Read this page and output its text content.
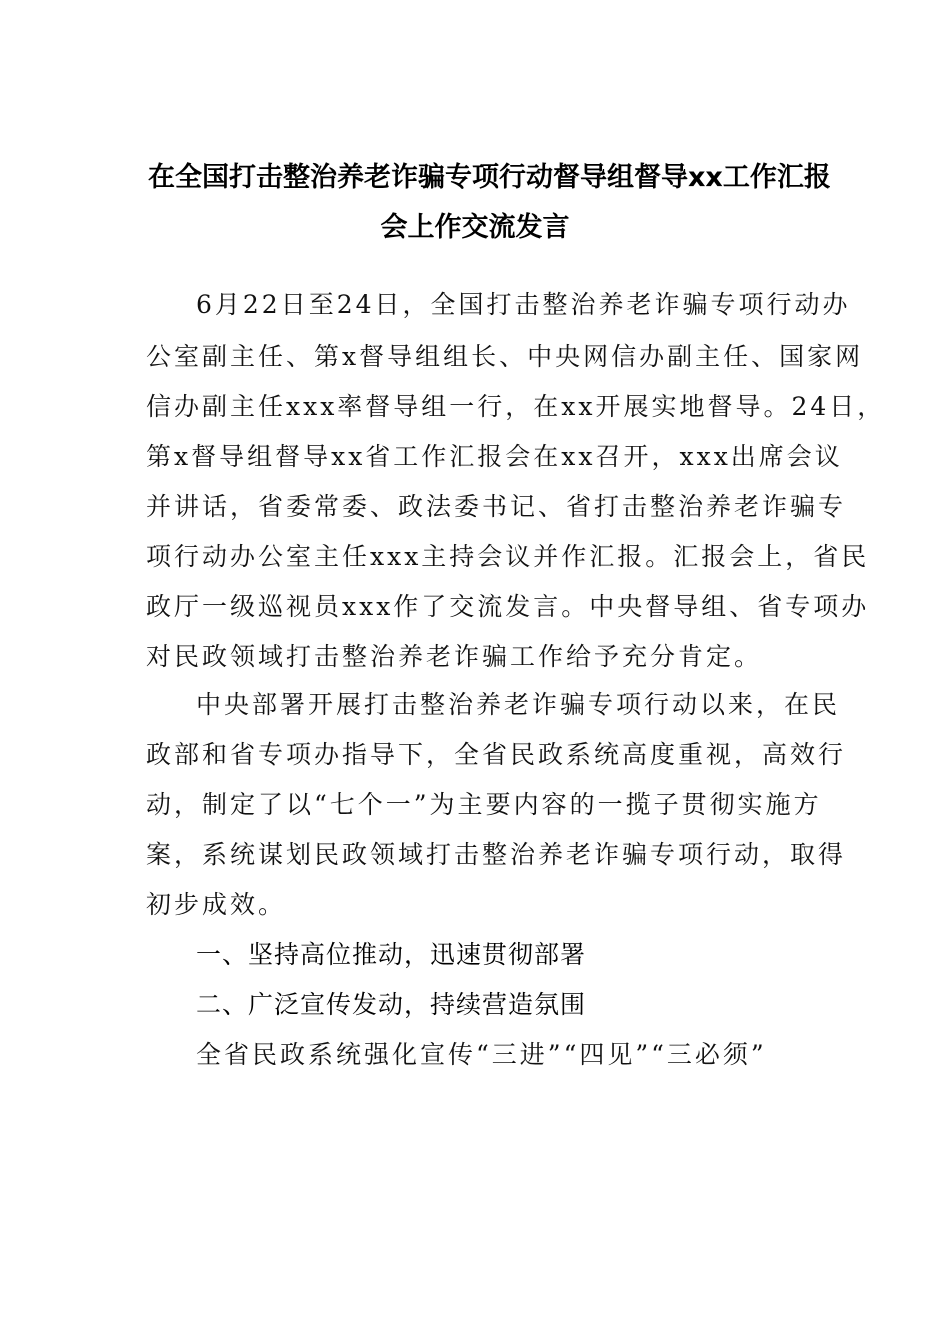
在全国打击整治养老诈骗专项行动督导组督导xx工作汇报
会上作交流发言
6月22日至24日，全国打击整治养老诈骗专项行动办
公室副主任、第x督导组组长、中央网信办副主任、国家网
信办副主任xxx率督导组一行，在xx开展实地督导。24日，
第x督导组督导xx省工作汇报会在xx召开，xxx出席会议
并讲话，省委常委、政法委书记、省打击整治养老诈骗专
项行动办公室主任xxx主持会议并作汇报。汇报会上，省民
政厅一级巡视员xxx作了交流发言。中央督导组、省专项办
对民政领域打击整治养老诈骗工作给予充分肯定。
中央部署开展打击整治养老诈骗专项行动以来，在民
政部和省专项办指导下，全省民政系统高度重视，高效行
动，制定了以“七个一”为主要内容的一揽子贯彻实施方
案，系统谋划民政领域打击整治养老诈骗专项行动，取得
初步成效。
一、坚持高位推动，迅速贯彻部署
二、广泛宣传发动，持续营造氛围
全省民政系统强化宣传“三进”“四见”“三必须”
